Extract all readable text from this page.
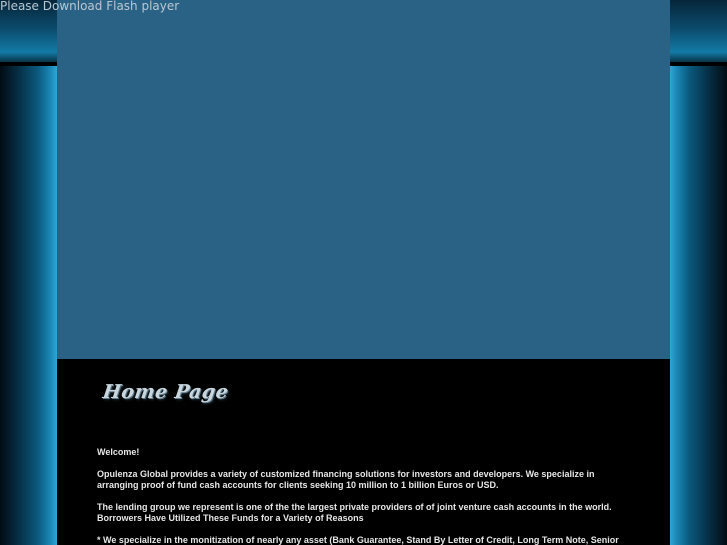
Please Download Flash player

Home Page

Welcome!

Opulenza Global provides a variety of customized financing solutions for investors and developers. We specialize in arranging proof of fund cash accounts for clients seeking 10 million to 1 billion Euros or USD.

The lending group we represent is one of the the largest private providers of of joint venture cash accounts in the world. Borrowers Have Utilized These Funds for a Variety of Reasons

* We specialize in the monitization of nearly any asset (Bank Guarantee, Stand By Letter of Credit, Long Term Note, Senior
